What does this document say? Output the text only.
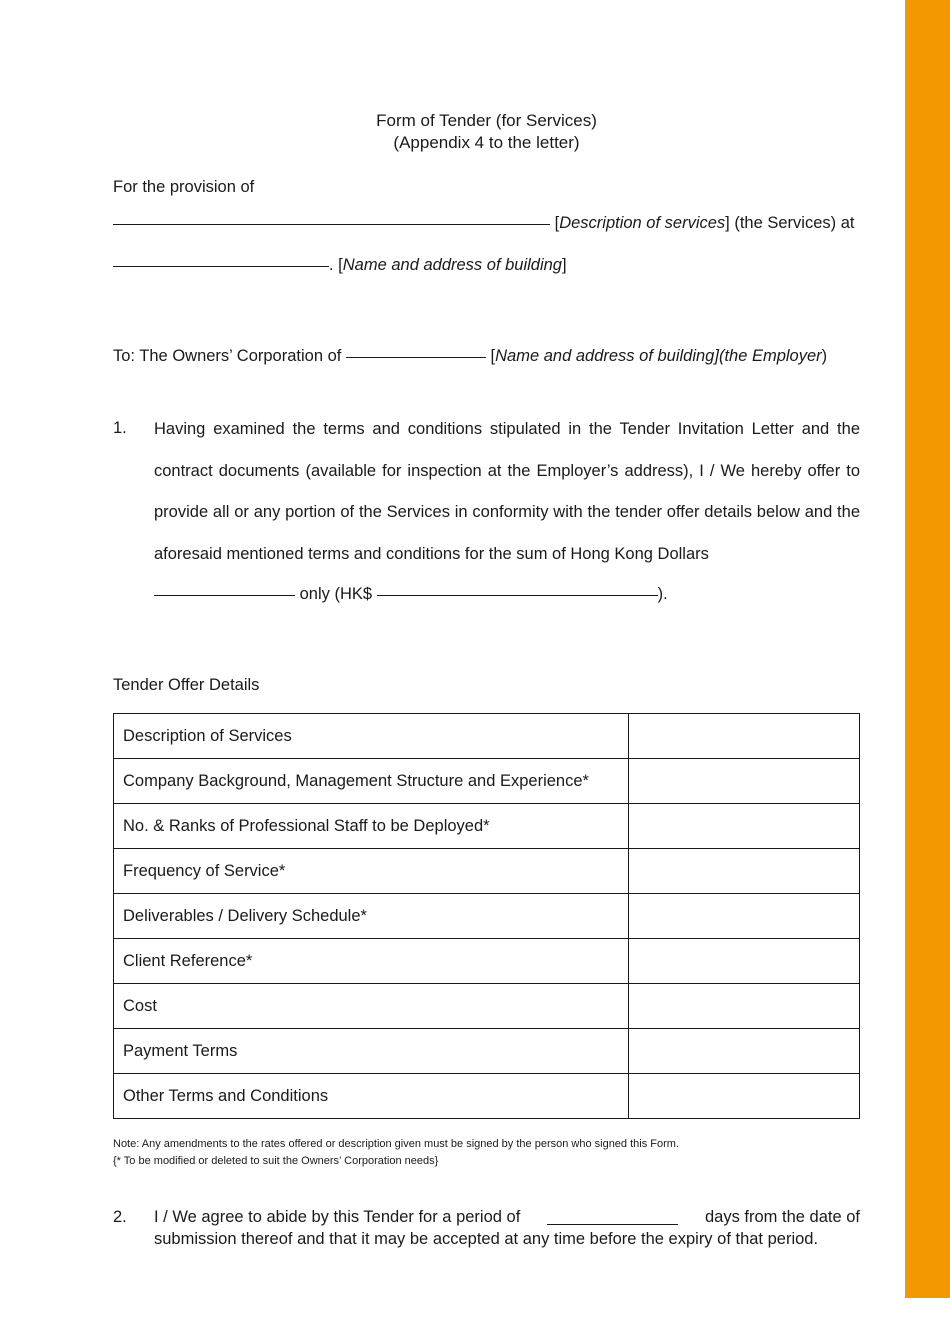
Form of Tender (for Services)
(Appendix 4 to the letter)
For the provision of
[Description of services] (the Services) at
. [Name and address of building]
To: The Owners’ Corporation of	[Name and address of building](the Employer)
1. Having examined the terms and conditions stipulated in the Tender Invitation Letter and the contract documents (available for inspection at the Employer’s address), I / We hereby offer to provide all or any portion of the Services in conformity with the tender offer details below and the aforesaid mentioned terms and conditions for the sum of Hong Kong Dollars
only (HK$	).
Tender Offer Details
Description of Services	
Company Background, Management Structure and Experience*	
No. & Ranks of Professional Staff to be Deployed*	
Frequency of Service*	
Deliverables / Delivery Schedule*	
Client Reference*	
Cost	
Payment Terms	
Other Terms and Conditions	
Note: Any amendments to the rates offered or description given must be signed by the person who signed this Form.
{* To be modified or deleted to suit the Owners’ Corporation needs}
2. I / We agree to abide by this Tender for a period of	days from the date of
submission thereof and that it may be accepted at any time before the expiry of that period.
